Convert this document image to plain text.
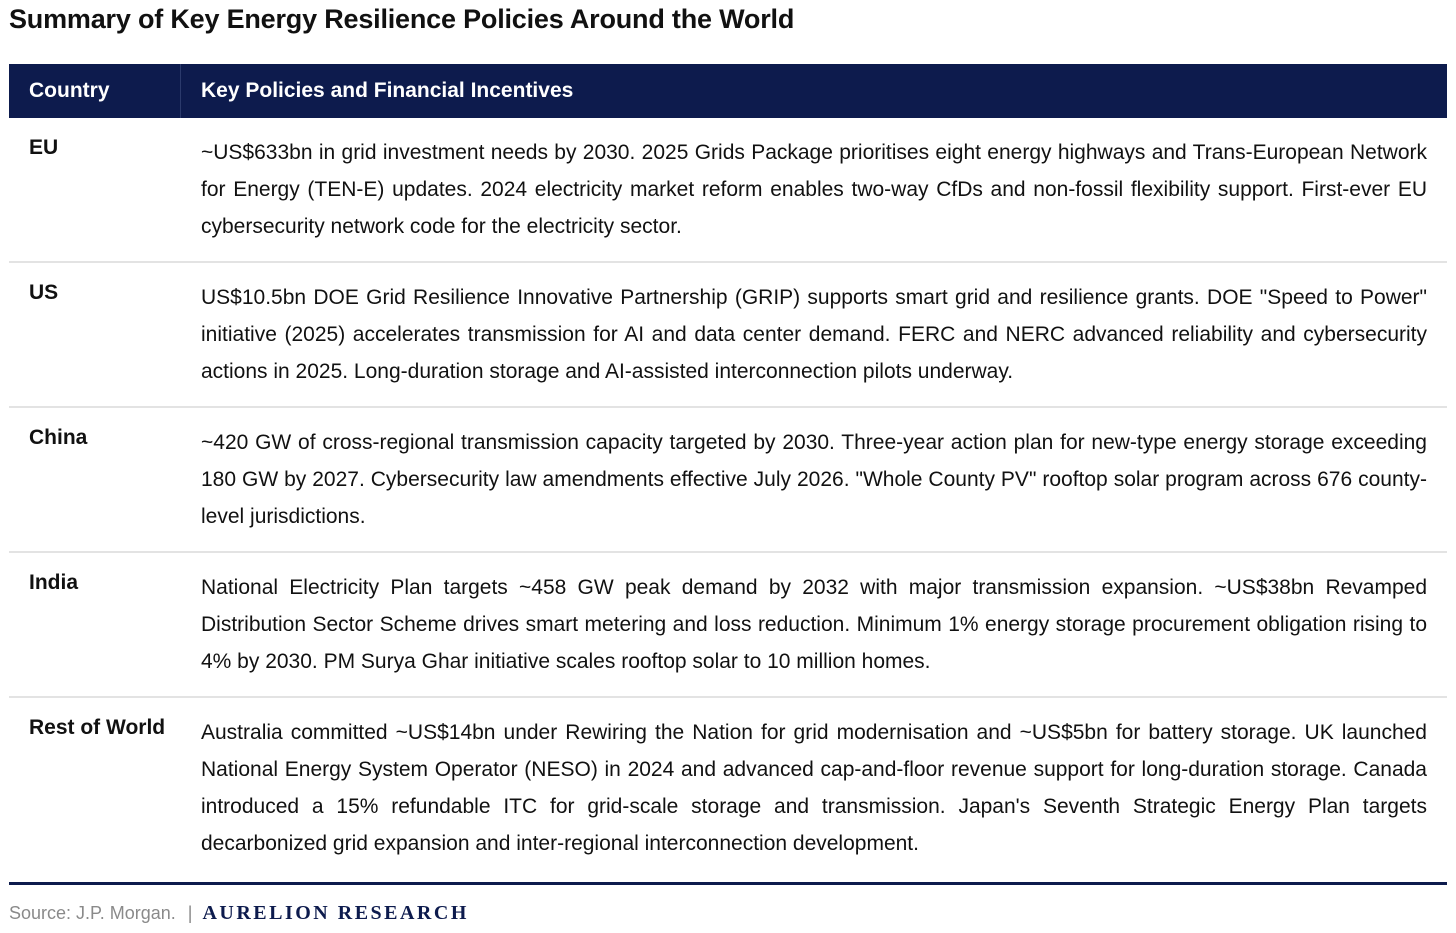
Summary of Key Energy Resilience Policies Around the World
Country	Key Policies and Financial Incentives
EU	~US$633bn in grid investment needs by 2030. 2025 Grids Package prioritises eight energy highways and Trans-European Network for Energy (TEN-E) updates. 2024 electricity market reform enables two-way CfDs and non-fossil flexibility support. First-ever EU cybersecurity network code for the electricity sector.
US	US$10.5bn DOE Grid Resilience Innovative Partnership (GRIP) supports smart grid and resilience grants. DOE "Speed to Power" initiative (2025) accelerates transmission for AI and data center demand. FERC and NERC advanced reliability and cybersecurity actions in 2025. Long-duration storage and AI-assisted interconnection pilots underway.
China	~420 GW of cross-regional transmission capacity targeted by 2030. Three-year action plan for new-type energy storage exceeding 180 GW by 2027. Cybersecurity law amendments effective July 2026. "Whole County PV" rooftop solar program across 676 county-level jurisdictions.
India	National Electricity Plan targets ~458 GW peak demand by 2032 with major transmission expansion. ~US$38bn Revamped Distribution Sector Scheme drives smart metering and loss reduction. Minimum 1% energy storage procurement obligation rising to 4% by 2030. PM Surya Ghar initiative scales rooftop solar to 10 million homes.
Rest of World	Australia committed ~US$14bn under Rewiring the Nation for grid modernisation and ~US$5bn for battery storage. UK launched National Energy System Operator (NESO) in 2024 and advanced cap-and-floor revenue support for long-duration storage. Canada introduced a 15% refundable ITC for grid-scale storage and transmission. Japan's Seventh Strategic Energy Plan targets decarbonized grid expansion and inter-regional interconnection development.
Source: J.P. Morgan. | AURELION RESEARCH
